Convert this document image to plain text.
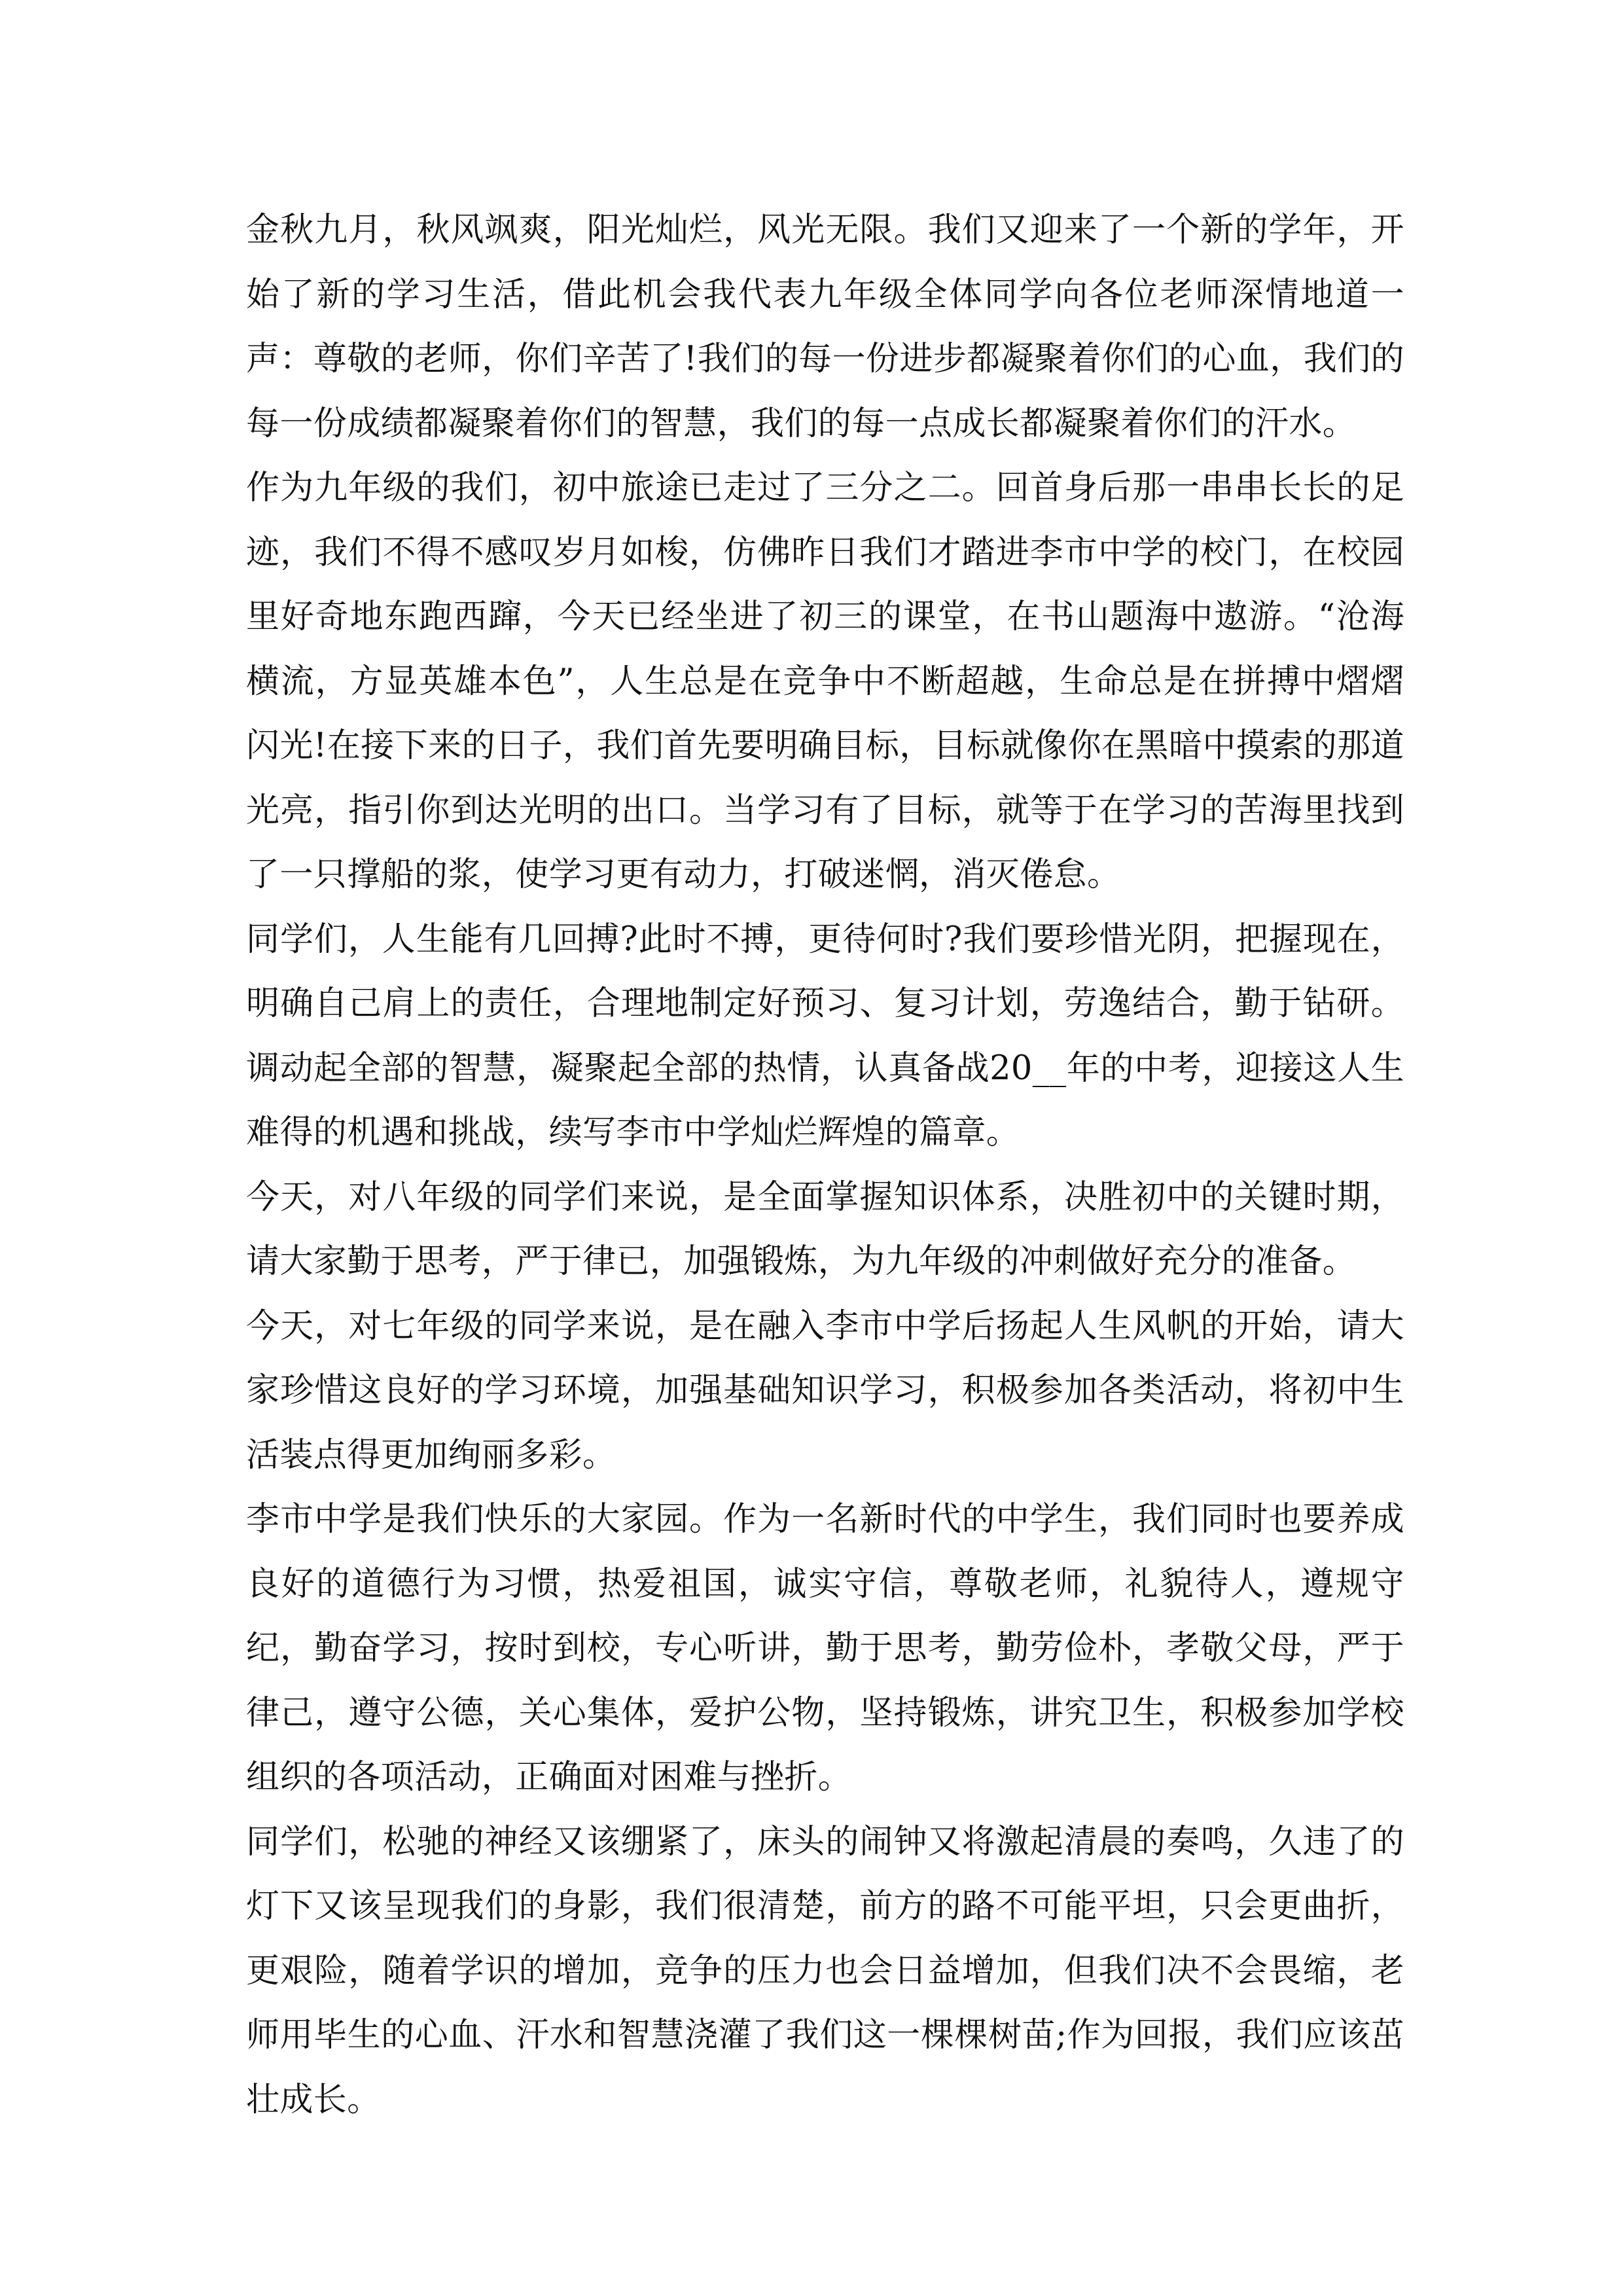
金秋九月，秋风飒爽，阳光灿烂，风光无限。我们又迎来了一个新的学年，开始了新的学习生活，借此机会我代表九年级全体同学向各位老师深情地道一声：尊敬的老师，你们辛苦了!我们的每一份进步都凝聚着你们的心血，我们的每一份成绩都凝聚着你们的智慧，我们的每一点成长都凝聚着你们的汗水。

作为九年级的我们，初中旅途已走过了三分之二。回首身后那一串串长长的足迹，我们不得不感叹岁月如梭，仿佛昨日我们才踏进李市中学的校门，在校园里好奇地东跑西蹿，今天已经坐进了初三的课堂，在书山题海中遨游。“沧海横流，方显英雄本色”，人生总是在竞争中不断超越，生命总是在拼搏中熠熠闪光!在接下来的日子，我们首先要明确目标，目标就像你在黑暗中摸索的那道光亮，指引你到达光明的出口。当学习有了目标，就等于在学习的苦海里找到了一只撑船的浆，使学习更有动力，打破迷惘，消灭倦怠。

同学们，人生能有几回搏?此时不搏，更待何时?我们要珍惜光阴，把握现在，明确自己肩上的责任，合理地制定好预习、复习计划，劳逸结合，勤于钻研。调动起全部的智慧，凝聚起全部的热情，认真备战20__年的中考，迎接这人生难得的机遇和挑战，续写李市中学灿烂辉煌的篇章。

今天，对八年级的同学们来说，是全面掌握知识体系，决胜初中的关键时期，请大家勤于思考，严于律已，加强锻炼，为九年级的冲刺做好充分的准备。

今天，对七年级的同学来说，是在融入李市中学后扬起人生风帆的开始，请大家珍惜这良好的学习环境，加强基础知识学习，积极参加各类活动，将初中生活装点得更加绚丽多彩。

李市中学是我们快乐的大家园。作为一名新时代的中学生，我们同时也要养成良好的道德行为习惯，热爱祖国，诚实守信，尊敬老师，礼貌待人，遵规守纪，勤奋学习，按时到校，专心听讲，勤于思考，勤劳俭朴，孝敬父母，严于律己，遵守公德，关心集体，爱护公物，坚持锻炼，讲究卫生，积极参加学校组织的各项活动，正确面对困难与挫折。

同学们，松驰的神经又该绷紧了，床头的闹钟又将激起清晨的奏鸣，久违了的灯下又该呈现我们的身影，我们很清楚，前方的路不可能平坦，只会更曲折，更艰险，随着学识的增加，竞争的压力也会日益增加，但我们决不会畏缩，老师用毕生的心血、汗水和智慧浇灌了我们这一棵棵树苗;作为回报，我们应该茁壮成长。
